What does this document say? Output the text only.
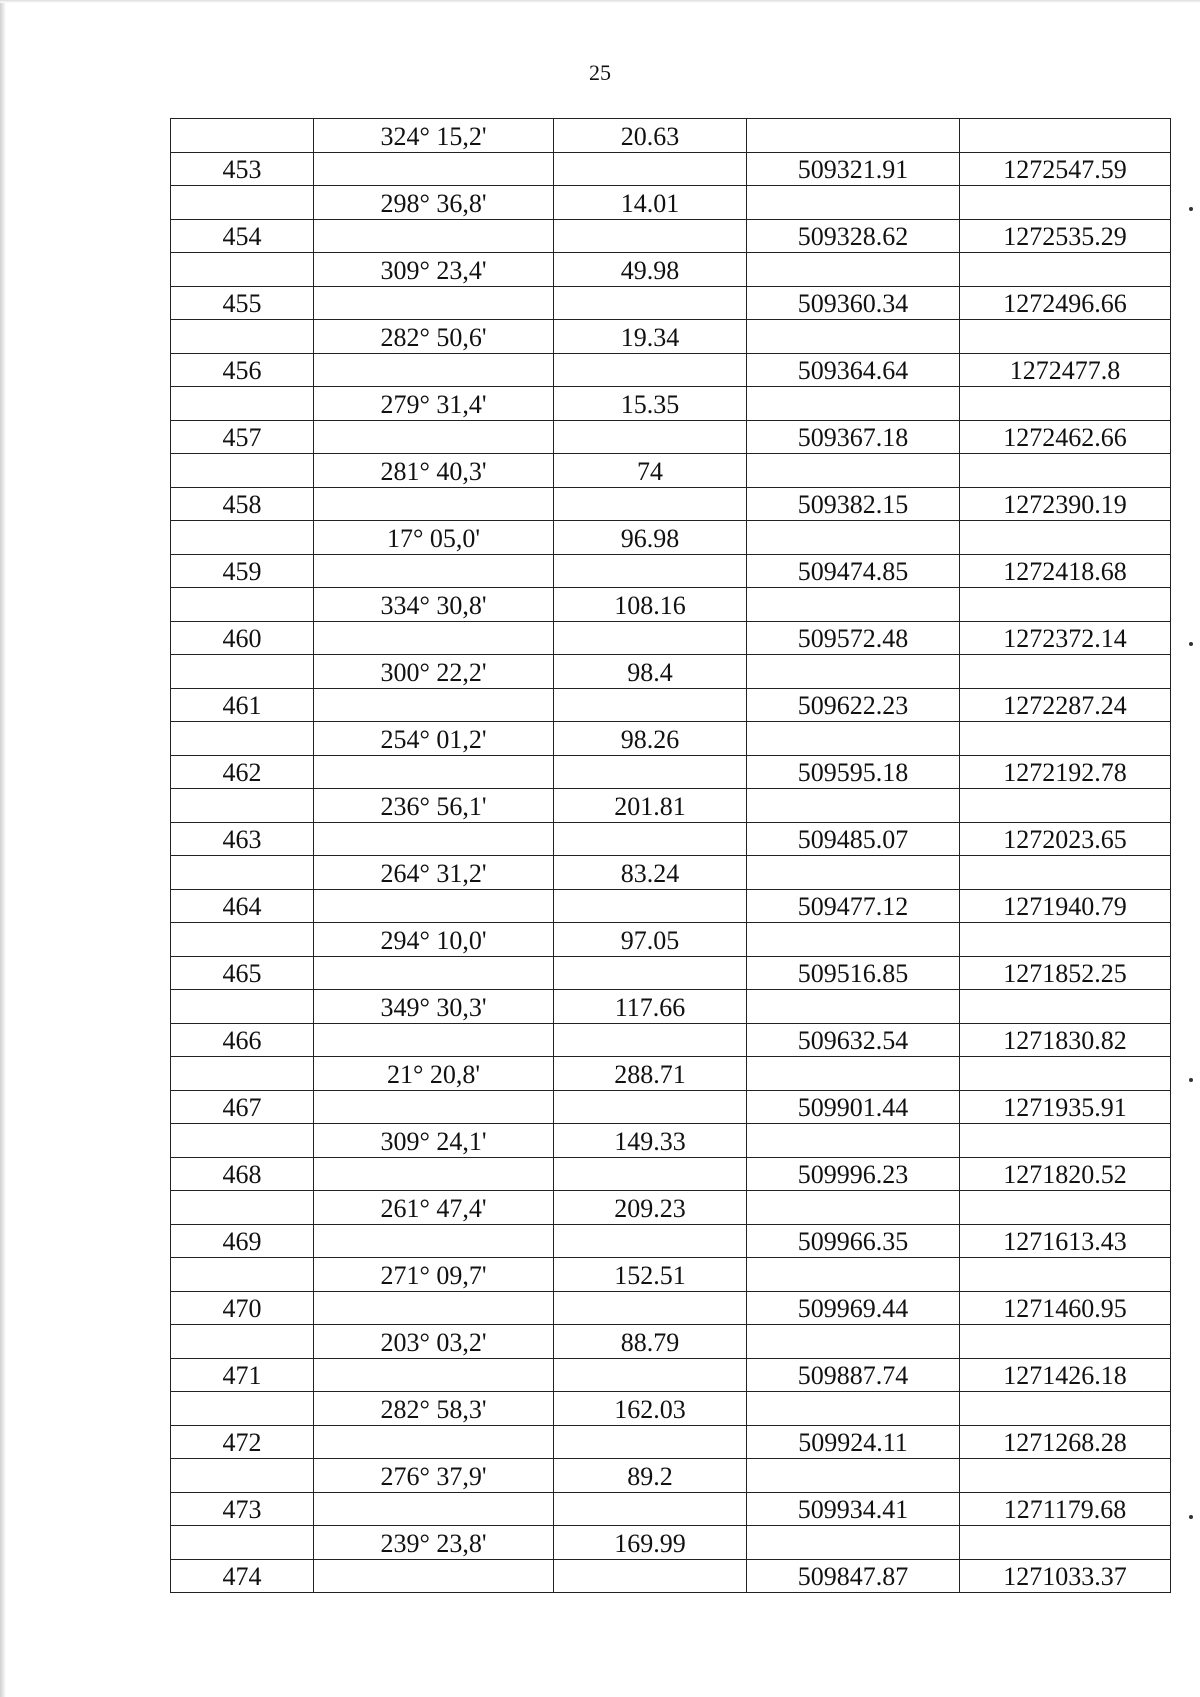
25
	324° 15,2'	20.63		
453			509321.91	1272547.59
	298° 36,8'	14.01		
454			509328.62	1272535.29
	309° 23,4'	49.98		
455			509360.34	1272496.66
	282° 50,6'	19.34		
456			509364.64	1272477.8
	279° 31,4'	15.35		
457			509367.18	1272462.66
	281° 40,3'	74		
458			509382.15	1272390.19
	17° 05,0'	96.98		
459			509474.85	1272418.68
	334° 30,8'	108.16		
460			509572.48	1272372.14
	300° 22,2'	98.4		
461			509622.23	1272287.24
	254° 01,2'	98.26		
462			509595.18	1272192.78
	236° 56,1'	201.81		
463			509485.07	1272023.65
	264° 31,2'	83.24		
464			509477.12	1271940.79
	294° 10,0'	97.05		
465			509516.85	1271852.25
	349° 30,3'	117.66		
466			509632.54	1271830.82
	21° 20,8'	288.71		
467			509901.44	1271935.91
	309° 24,1'	149.33		
468			509996.23	1271820.52
	261° 47,4'	209.23		
469			509966.35	1271613.43
	271° 09,7'	152.51		
470			509969.44	1271460.95
	203° 03,2'	88.79		
471			509887.74	1271426.18
	282° 58,3'	162.03		
472			509924.11	1271268.28
	276° 37,9'	89.2		
473			509934.41	1271179.68
	239° 23,8'	169.99		
474			509847.87	1271033.37
